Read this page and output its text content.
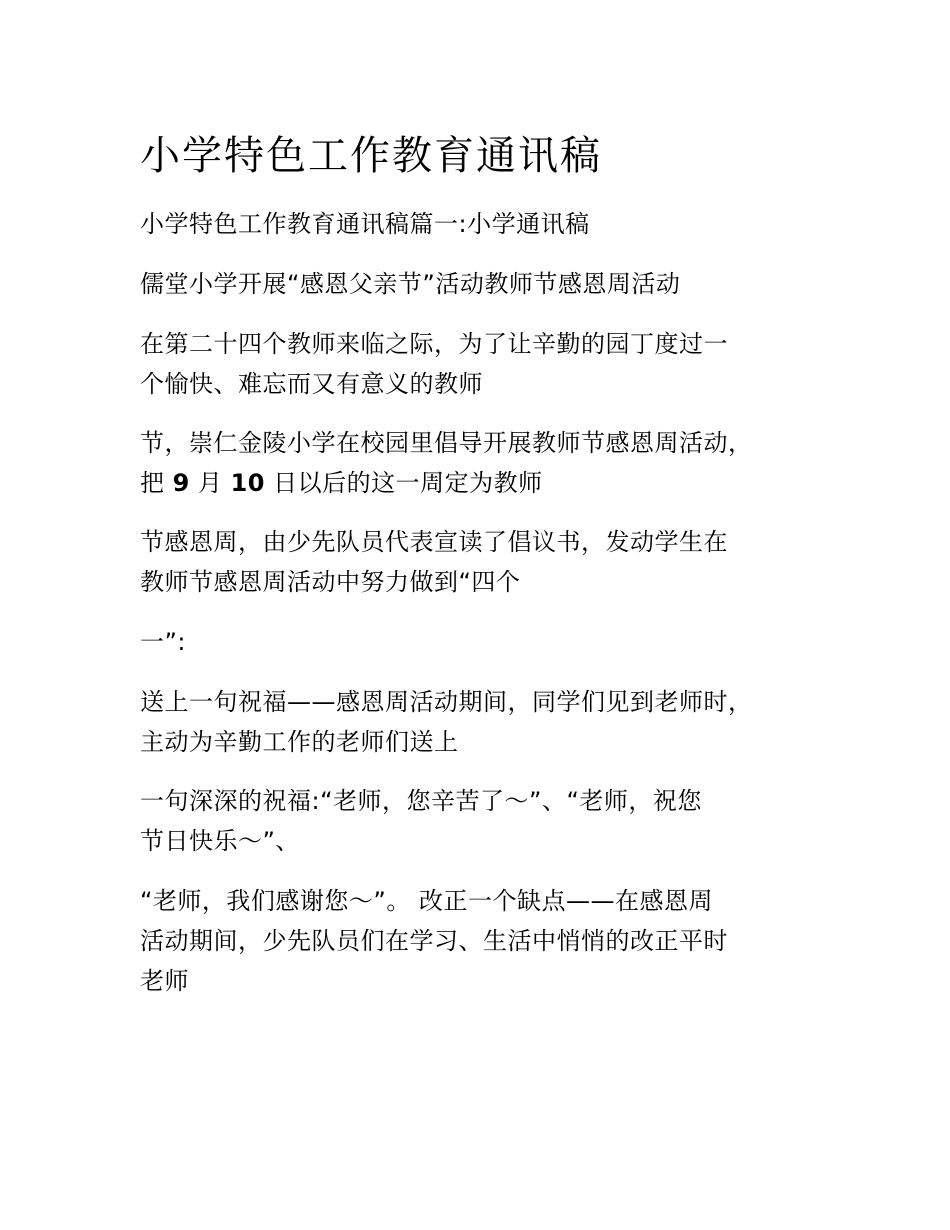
小学特色工作教育通讯稿

小学特色工作教育通讯稿篇一:小学通讯稿

儒堂小学开展“感恩父亲节”活动教师节感恩周活动

在第二十四个教师来临之际，为了让辛勤的园丁度过一
个愉快、难忘而又有意义的教师

节，崇仁金陵小学在校园里倡导开展教师节感恩周活动，
把 9 月 10 日以后的这一周定为教师

节感恩周，由少先队员代表宣读了倡议书，发动学生在
教师节感恩周活动中努力做到“四个

一”:

送上一句祝福——感恩周活动期间，同学们见到老师时，
主动为辛勤工作的老师们送上

一句深深的祝福:“老师，您辛苦了～”、“老师，祝您
节日快乐～”、

“老师，我们感谢您～”。 改正一个缺点——在感恩周
活动期间，少先队员们在学习、生活中悄悄的改正平时
老师
